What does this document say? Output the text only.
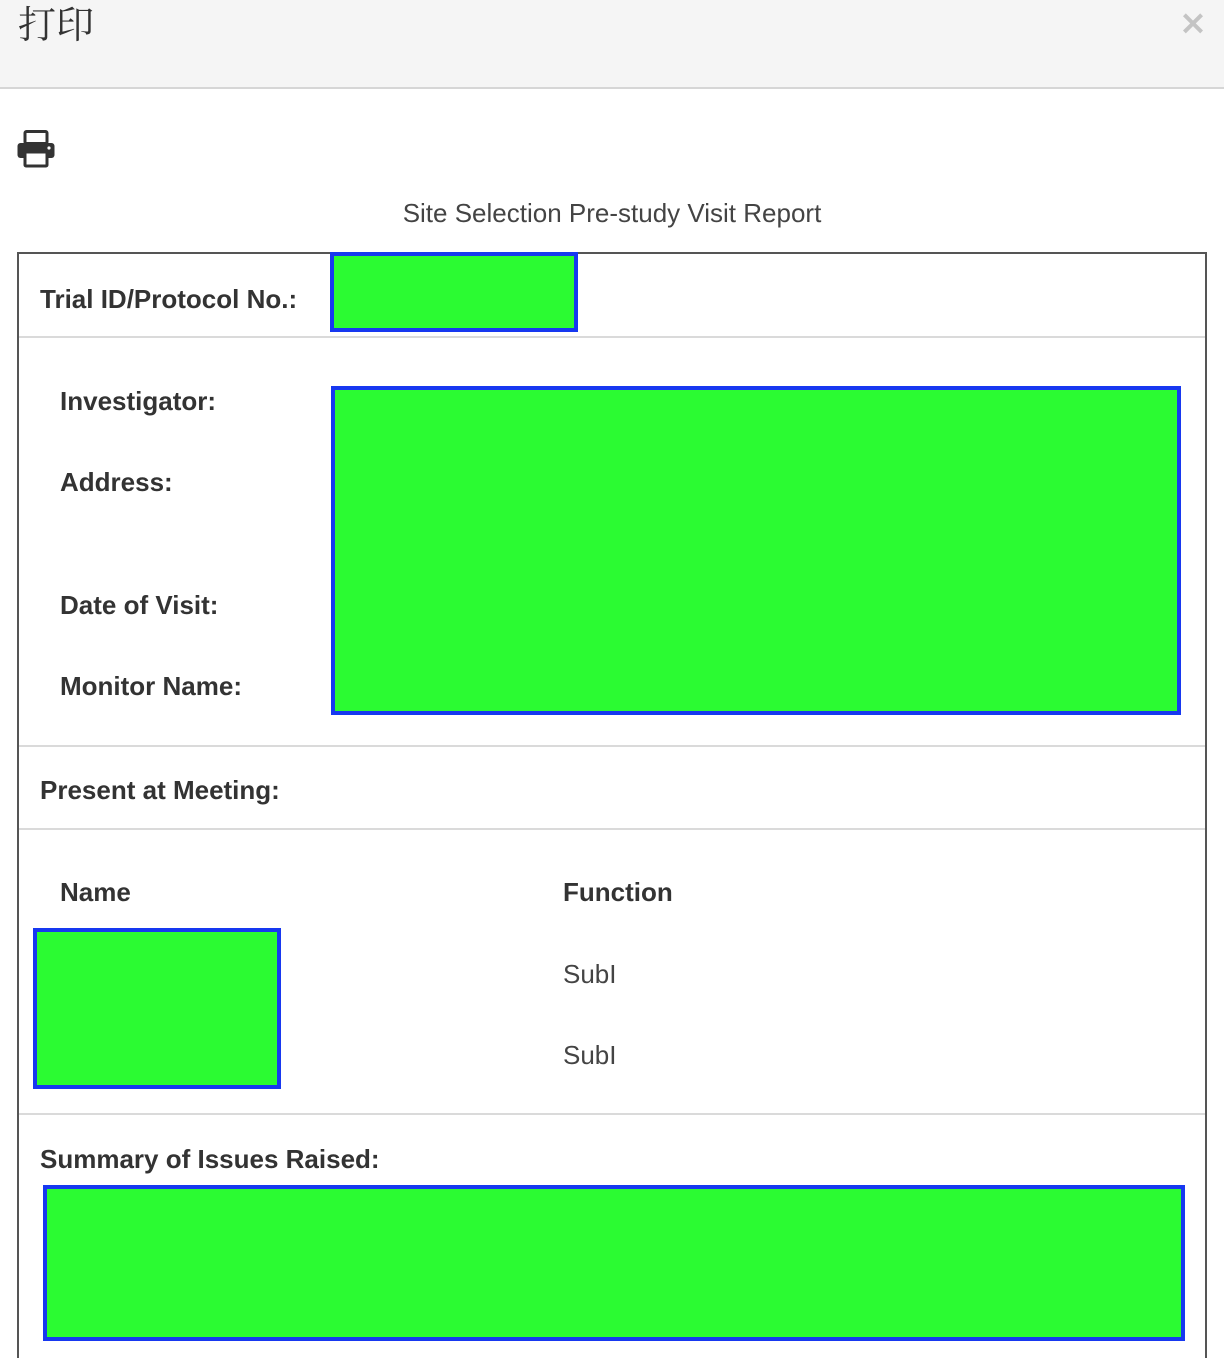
打印	×
Site Selection Pre-study Visit Report
Trial ID/Protocol No.:
Investigator:
Address:
Date of Visit:
Monitor Name:
Present at Meeting:
Name	Function
SubI
SubI
Summary of Issues Raised:
